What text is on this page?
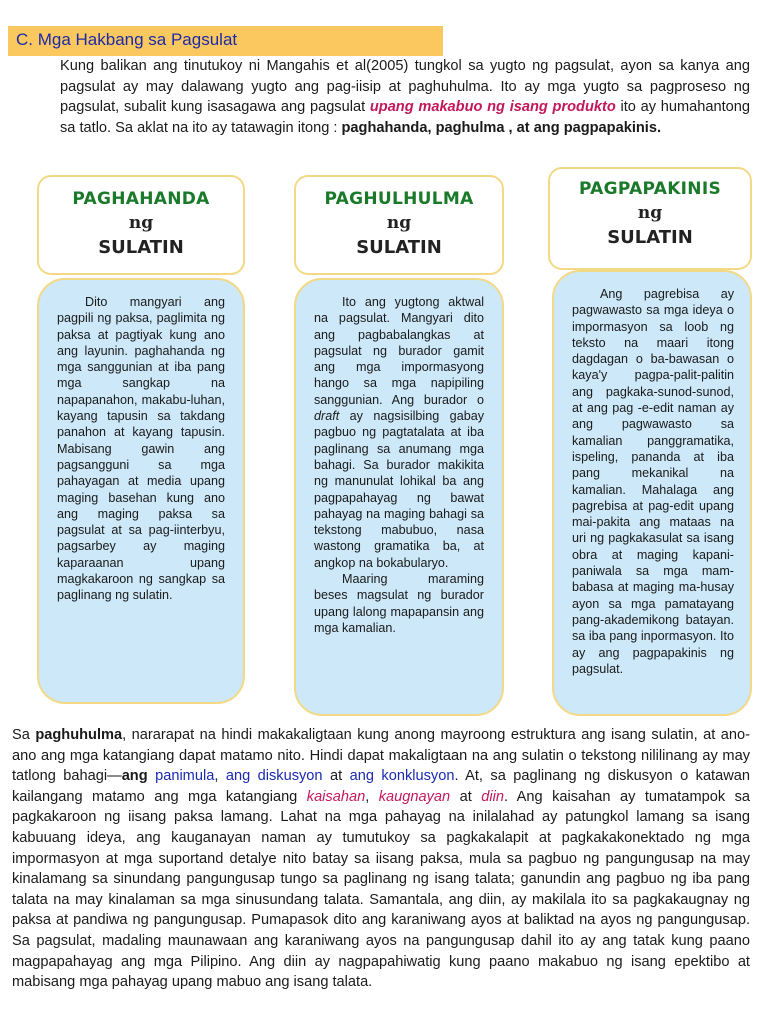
C. Mga Hakbang sa Pagsulat
Kung balikan ang tinutukoy ni Mangahis et al(2005) tungkol sa yugto ng pagsulat, ayon sa kanya ang pagsulat ay may dalawang yugto ang pag-iisip at paghuhulma. Ito ay mga yugto sa pagproseso ng pagsulat, subalit kung isasagawa ang pagsulat upang makabuo ng isang produkto ito ay humahantong sa tatlo. Sa aklat na ito ay tatawagin itong : paghahanda, paghulma , at ang pagpapakinis.
PAGHAHANDA
ng
SULATIN

Dito mangyari ang pagpili ng paksa, paglimita ng paksa at pagtiyak kung ano ang layunin. paghahanda ng mga sanggunian at iba pang mga sangkap na napapanahon, makabu-luhan, kayang tapusin sa takdang panahon at kayang tapusin. Mabisang gawin ang pagsangguni sa mga pahayagan at media upang maging basehan kung ano ang maging paksa sa pagsulat at sa pag-iinterbyu, pagsarbey ay maging kaparaanan upang magkakaroon ng sangkap sa paglinang ng sulatin.

PAGHULHULMA
ng
SULATIN

Ito ang yugtong aktwal na pagsulat. Mangyari dito ang pagbabalangkas at pagsulat ng burador gamit ang mga impormasyong hango sa mga napipiling sanggunian. Ang burador o draft ay nagsisilbing gabay pagbuo ng pagtatalata at iba paglinang sa anumang mga bahagi. Sa burador makikita ng manunulat lohikal ba ang pagpapahayag ng bawat pahayag na maging bahagi sa tekstong mabubuo, nasa wastong gramatika ba, at angkop na bokabularyo.

Maaring maraming beses magsulat ng burador upang lalong mapapansin ang mga kamalian.

PAGPAPAKINIS
ng
SULATIN

Ang pagrebisa ay pagwawasto sa mga ideya o impormasyon sa loob ng teksto na maari itong dagdagan o ba-bawasan o kaya'y pagpa-palit-palitin ang pagkaka-sunod-sunod, at ang pag -e-edit naman ay ang pagwawasto sa kamalian panggramatika, ispeling, pananda at iba pang mekanikal na kamalian. Mahalaga ang pagrebisa at pag-edit upang mai-pakita ang mataas na uri ng pagkakasulat sa isang obra at maging kapani-paniwala sa mga mam-babasa at maging ma-husay ayon sa mga pamatayang pang-akademikong batayan. sa iba pang inpormasyon. Ito ay ang pagpapakinis ng pagsulat.

Sa paghuhulma, nararapat na hindi makakaligtaan kung anong mayroong estruktura ang isang sulatin, at ano-ano ang mga katangiang dapat matamo nito. Hindi dapat makaligtaan na ang sulatin o tekstong nililinang ay may tatlong bahagi—ang panimula, ang diskusyon at ang konklusyon. At, sa paglinang ng diskusyon o katawan kailangang matamo ang mga katangiang kaisahan, kaugnayan at diin. Ang kaisahan ay tumatampok sa pagkakaroon ng iisang paksa lamang. Lahat na mga pahayag na inilalahad ay patungkol lamang sa isang kabuuang ideya, ang kauganayan naman ay tumutukoy sa pagkakalapit at pagkakakonektado ng mga impormasyon at mga suportand detalye nito batay sa iisang paksa, mula sa pagbuo ng pangungusap na may kinalamang sa sinundang pangungusap tungo sa paglinang ng isang talata; ganundin ang pagbuo ng iba pang talata na may kinalaman sa mga sinusundang talata. Samantala, ang diin, ay makilala ito sa pagkakaugnay ng paksa at pandiwa ng pangungusap. Pumapasok dito ang karaniwang ayos at baliktad na ayos ng pangungusap. Sa pagsulat, madaling maunawaan ang karaniwang ayos na pangungusap dahil ito ay ang tatak kung paano magpapahayag ang mga Pilipino. Ang diin ay nagpapahiwatig kung paano makabuo ng isang epektibo at mabisang mga pahayag upang mabuo ang isang talata.
